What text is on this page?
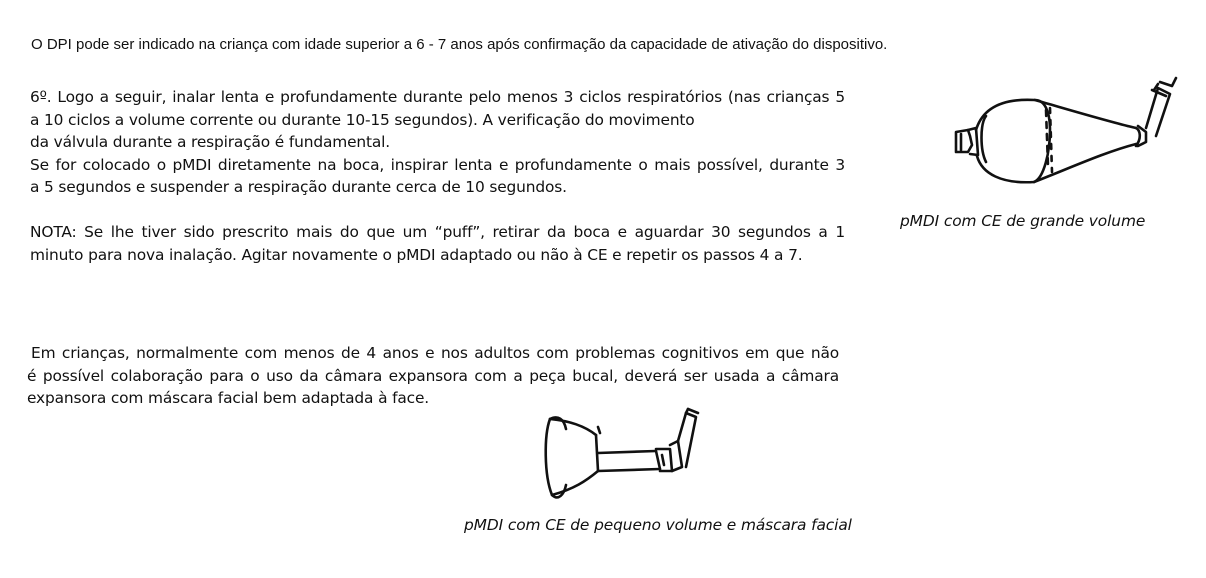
O DPI pode ser indicado na criança com idade superior a 6 - 7 anos após confirmação da capacidade de ativação do dispositivo.

6º. Logo a seguir, inalar lenta e profundamente durante pelo menos 3 ciclos respiratórios (nas crianças 5
a 10 ciclos a volume corrente ou durante 10-15 segundos). A verificação do movimento
da válvula durante a respiração é fundamental.
Se for colocado o pMDI diretamente na boca, inspirar lenta e profundamente o mais possível, durante 3
a 5 segundos e suspender a respiração durante cerca de 10 segundos.
NOTA: Se lhe tiver sido prescrito mais do que um “puff”, retirar da boca e aguardar 30 segundos a 1
minuto para nova inalação. Agitar novamente o pMDI adaptado ou não à CE e repetir os passos 4 a 7.
Em crianças, normalmente com menos de 4 anos e nos adultos com problemas cognitivos em que não
é possível colaboração para o uso da câmara expansora com a peça bucal, deverá ser usada a câmara
expansora com máscara facial bem adaptada à face.
pMDI com CE de grande volume
pMDI com CE de pequeno volume e máscara facial
